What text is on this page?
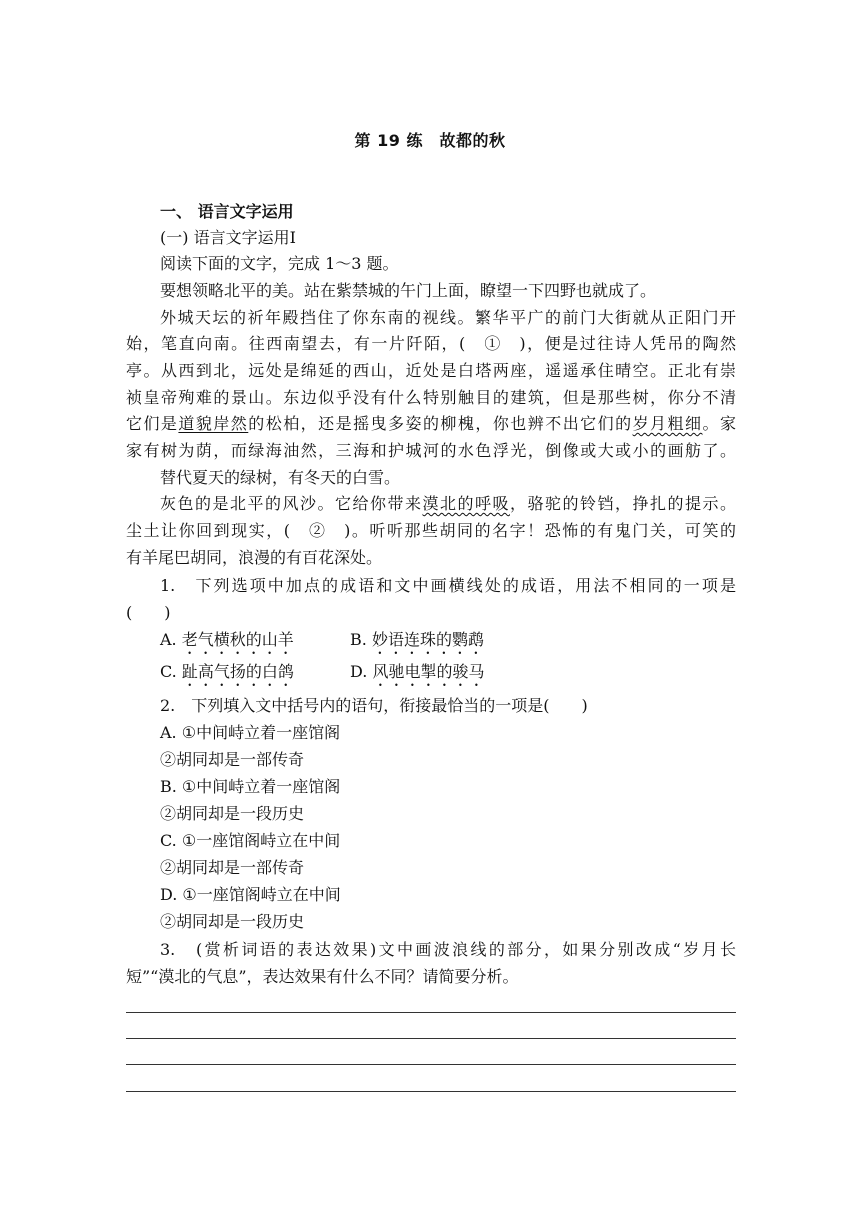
第 19 练　故都的秋
一、 语言文字运用
(一) 语言文字运用Ⅰ
阅读下面的文字，完成 1～3 题。
要想领略北平的美。站在紫禁城的午门上面，瞭望一下四野也就成了。
外城天坛的祈年殿挡住了你东南的视线。繁华平广的前门大街就从正阳门开
始，笔直向南。往西南望去，有一片阡陌，(　①　)，便是过往诗人凭吊的陶然
亭。从西到北，远处是绵延的西山，近处是白塔两座，遥遥承住晴空。正北有崇
祯皇帝殉难的景山。东边似乎没有什么特别触目的建筑，但是那些树，你分不清
它们是道貌岸然的松柏，还是摇曳多姿的柳槐，你也辨不出它们的岁月粗细。家
家有树为荫，而绿海油然，三海和护城河的水色浮光，倒像或大或小的画舫了。
替代夏天的绿树，有冬天的白雪。
灰色的是北平的风沙。它给你带来漠北的呼吸，骆驼的铃铛，挣扎的提示。
尘土让你回到现实，(　②　)。听听那些胡同的名字！恐怖的有鬼门关，可笑的
有羊尾巴胡同，浪漫的有百花深处。
1.　下列选项中加点的成语和文中画横线处的成语，用法不相同的一项是
(　　)
A. 老气横秋的山羊	B. 妙语连珠的鹦鹉
C. 趾高气扬的白鸽	D. 风驰电掣的骏马
2.　下列填入文中括号内的语句，衔接最恰当的一项是(　　)
A. ①中间峙立着一座馆阁
②胡同却是一部传奇
B. ①中间峙立着一座馆阁
②胡同却是一段历史
C. ①一座馆阁峙立在中间
②胡同却是一部传奇
D. ①一座馆阁峙立在中间
②胡同却是一段历史
3.　(赏析词语的表达效果)文中画波浪线的部分，如果分别改成“岁月长
短”“漠北的气息”，表达效果有什么不同？请简要分析。
